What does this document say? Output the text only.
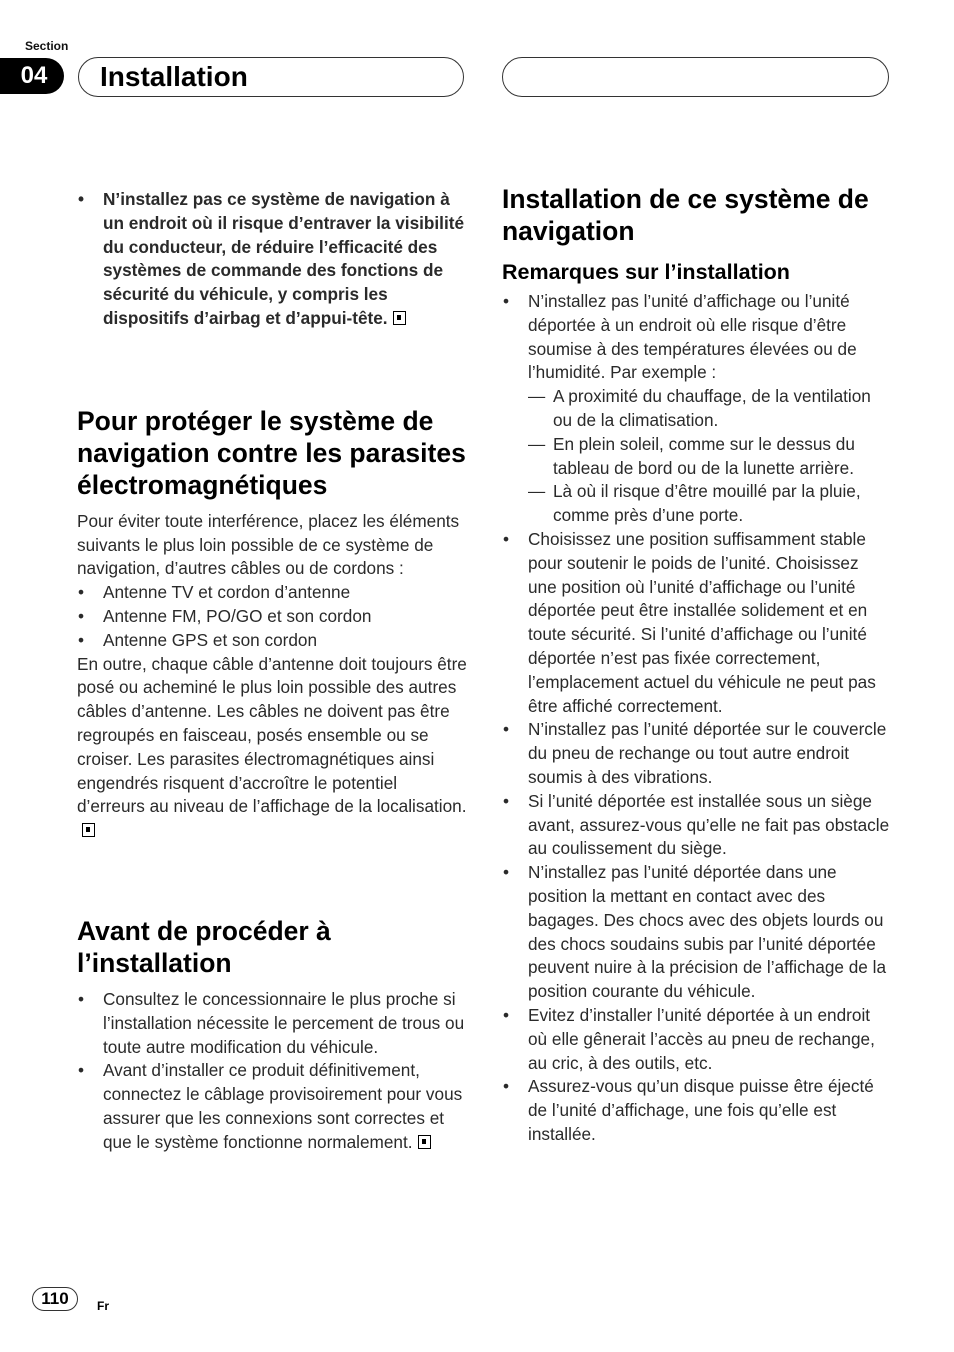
Section
04	Installation
• N’installez pas ce système de navigation à un endroit où il risque d’entraver la visibilité du conducteur, de réduire l’efficacité des systèmes de commande des fonctions de sécurité du véhicule, y compris les dispositifs d’airbag et d’appui-tête.
Pour protéger le système de navigation contre les parasites électromagnétiques

Pour éviter toute interférence, placez les éléments suivants le plus loin possible de ce système de navigation, d’autres câbles ou de cordons :

• Antenne TV et cordon d’antenne
• Antenne FM, PO/GO et son cordon
• Antenne GPS et son cordon

En outre, chaque câble d’antenne doit toujours être posé ou acheminé le plus loin possible des autres câbles d’antenne. Les câbles ne doivent pas être regroupés en faisceau, posés ensemble ou se croiser. Les parasites électromagnétiques ainsi engendrés risquent d’accroître le potentiel d’erreurs au niveau de l’affichage de la localisation.

Avant de procéder à l’installation
• Consultez le concessionnaire le plus proche si l’installation nécessite le percement de trous ou toute autre modification du véhicule.
• Avant d’installer ce produit définitivement, connectez le câblage provisoirement pour vous assurer que les connexions sont correctes et que le système fonctionne normalement.
Installation de ce système de navigation
Remarques sur l’installation
• N’installez pas l’unité d’affichage ou l’unité déportée à un endroit où elle risque d’être soumise à des températures élevées ou de l’humidité. Par exemple :
— A proximité du chauffage, de la ventilation ou de la climatisation.
— En plein soleil, comme sur le dessus du tableau de bord ou de la lunette arrière.
— Là où il risque d’être mouillé par la pluie, comme près d’une porte.
• Choisissez une position suffisamment stable pour soutenir le poids de l’unité. Choisissez une position où l’unité d’affichage ou l’unité déportée peut être installée solidement et en toute sécurité. Si l’unité d’affichage ou l’unité déportée n’est pas fixée correctement, l’emplacement actuel du véhicule ne peut pas être affiché correctement.
• N’installez pas l’unité déportée sur le couvercle du pneu de rechange ou tout autre endroit soumis à des vibrations.
• Si l’unité déportée est installée sous un siège avant, assurez-vous qu’elle ne fait pas obstacle au coulissement du siège.
• N’installez pas l’unité déportée dans une position la mettant en contact avec des bagages. Des chocs avec des objets lourds ou des chocs soudains subis par l’unité déportée peuvent nuire à la précision de l’affichage de la position courante du véhicule.
• Evitez d’installer l’unité déportée à un endroit où elle gênerait l’accès au pneu de rechange, au cric, à des outils, etc.
• Assurez-vous qu’un disque puisse être éjecté de l’unité d’affichage, une fois qu’elle est installée.
110	Fr
